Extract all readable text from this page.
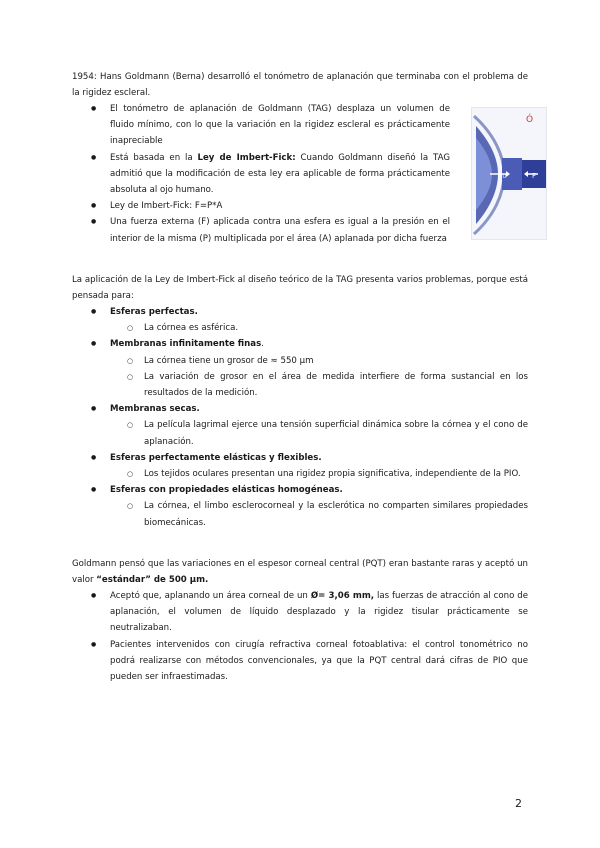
1954: Hans Goldmann (Berna) desarrolló el tonómetro de aplanación que terminaba con el problema de la rigidez escleral.

● El tonómetro de aplanación de Goldmann (TAG) desplaza un volumen de fluido mínimo, con lo que la variación en la rigidez escleral es prácticamente inapreciable
● Está basada en la Ley de Imbert-Fick: Cuando Goldmann diseñó la TAG admitió que la modificación de esta ley era aplicable de forma prácticamente absoluta al ojo humano.
● Ley de Imbert-Fick: F=P*A
● Una fuerza externa (F) aplicada contra una esfera es igual a la presión en el interior de la misma (P) multiplicada por el área (A) aplanada por dicha fuerza
PIO	F
Ó

La aplicación de la Ley de Imbert-Fick al diseño teórico de la TAG presenta varios problemas, porque está pensada para:

● Esferas perfectas.
○ La córnea es asférica.
● Membranas infinitamente finas.
○ La córnea tiene un grosor de ≈ 550 µm
○ La variación de grosor en el área de medida interfiere de forma sustancial en los resultados de la medición.
● Membranas secas.
○ La película lagrimal ejerce una tensión superficial dinámica sobre la córnea y el cono de aplanación.
● Esferas perfectamente elásticas y flexibles.
○ Los tejidos oculares presentan una rigidez propia significativa, independiente de la PIO.
● Esferas con propiedades elásticas homogéneas.
○ La córnea, el limbo esclerocorneal y la esclerótica no comparten similares propiedades biomecánicas.

Goldmann pensó que las variaciones en el espesor corneal central (PQT) eran bastante raras y aceptó un valor “estándar” de 500 µm.

● Aceptó que, aplanando un área corneal de un Ø= 3,06 mm, las fuerzas de atracción al cono de aplanación, el volumen de líquido desplazado y la rigidez tisular prácticamente se neutralizaban.
● Pacientes intervenidos con cirugía refractiva corneal fotoablativa: el control tonométrico no podrá realizarse con métodos convencionales, ya que la PQT central dará cifras de PIO que pueden ser infraestimadas.
2
